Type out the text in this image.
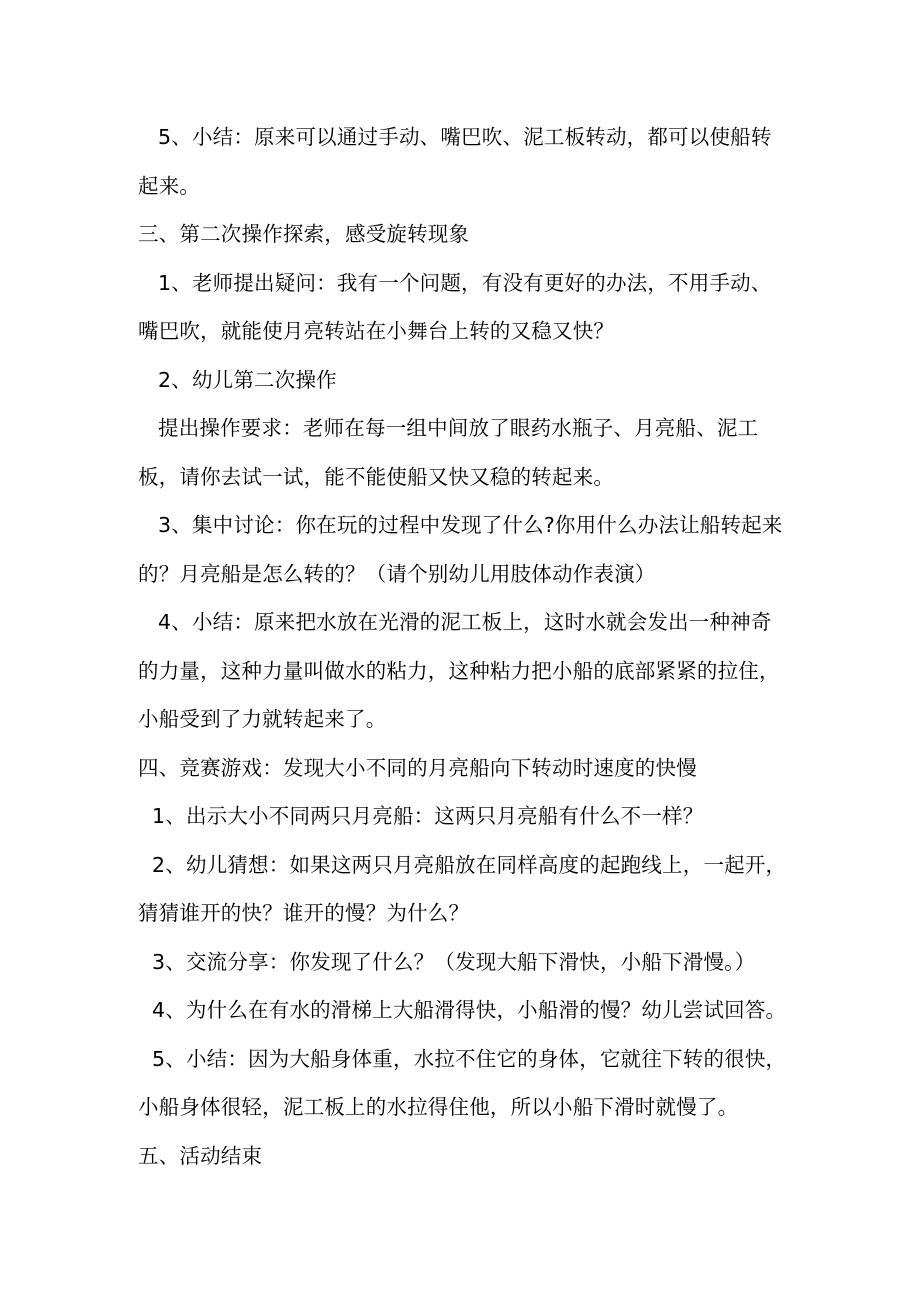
5、小结：原来可以通过手动、嘴巴吹、泥工板转动，都可以使船转起来。

三、第二次操作探索，感受旋转现象

1、老师提出疑问：我有一个问题，有没有更好的办法，不用手动、嘴巴吹，就能使月亮转站在小舞台上转的又稳又快？

2、幼儿第二次操作

提出操作要求：老师在每一组中间放了眼药水瓶子、月亮船、泥工板，请你去试一试，能不能使船又快又稳的转起来。

3、集中讨论：你在玩的过程中发现了什么?你用什么办法让船转起来的？月亮船是怎么转的？（请个别幼儿用肢体动作表演）

4、小结：原来把水放在光滑的泥工板上，这时水就会发出一种神奇的力量，这种力量叫做水的粘力，这种粘力把小船的底部紧紧的拉住，小船受到了力就转起来了。

四、竞赛游戏：发现大小不同的月亮船向下转动时速度的快慢

1、出示大小不同两只月亮船：这两只月亮船有什么不一样？

2、幼儿猜想：如果这两只月亮船放在同样高度的起跑线上，一起开，猜猜谁开的快？谁开的慢？为什么？

3、交流分享：你发现了什么？（发现大船下滑快，小船下滑慢。）

4、为什么在有水的滑梯上大船滑得快，小船滑的慢？幼儿尝试回答。

5、小结：因为大船身体重，水拉不住它的身体，它就往下转的很快，小船身体很轻，泥工板上的水拉得住他，所以小船下滑时就慢了。

五、活动结束
